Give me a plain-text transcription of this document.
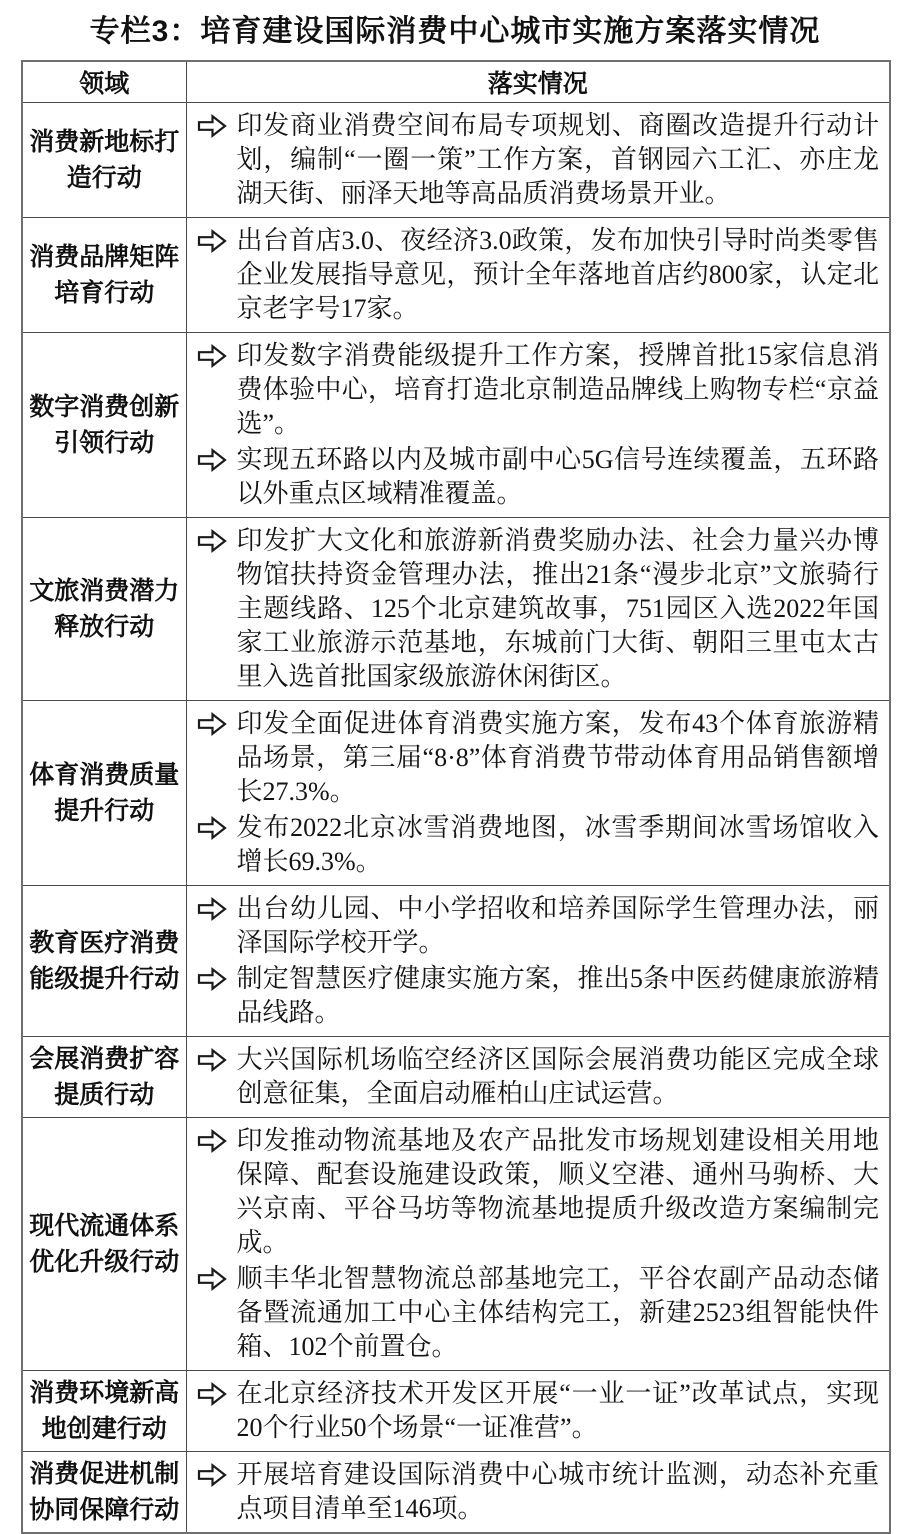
专栏3：培育建设国际消费中心城市实施方案落实情况
领域	落实情况
消费新地标打造行动	印发商业消费空间布局专项规划、商圈改造提升行动计划，编制“一圈一策”工作方案，首钢园六工汇、亦庄龙湖天街、丽泽天地等高品质消费场景开业。

消费品牌矩阵培育行动	出台首店3.0、夜经济3.0政策，发布加快引导时尚类零售企业发展指导意见，预计全年落地首店约800家，认定北京老字号17家。

数字消费创新引领行动	印发数字消费能级提升工作方案，授牌首批15家信息消费体验中心，培育打造北京制造品牌线上购物专栏“京益选”。
实现五环路以内及城市副中心5G信号连续覆盖，五环路以外重点区域精准覆盖。

文旅消费潜力释放行动	印发扩大文化和旅游新消费奖励办法、社会力量兴办博物馆扶持资金管理办法，推出21条“漫步北京”文旅骑行主题线路、125个北京建筑故事，751园区入选2022年国家工业旅游示范基地，东城前门大街、朝阳三里屯太古里入选首批国家级旅游休闲街区。

体育消费质量提升行动	印发全面促进体育消费实施方案，发布43个体育旅游精品场景，第三届“8·8”体育消费节带动体育用品销售额增长27.3%。
发布2022北京冰雪消费地图，冰雪季期间冰雪场馆收入增长69.3%。

教育医疗消费能级提升行动	出台幼儿园、中小学招收和培养国际学生管理办法，丽泽国际学校开学。
制定智慧医疗健康实施方案，推出5条中医药健康旅游精品线路。

会展消费扩容提质行动	大兴国际机场临空经济区国际会展消费功能区完成全球创意征集，全面启动雁柏山庄试运营。

现代流通体系优化升级行动	印发推动物流基地及农产品批发市场规划建设相关用地保障、配套设施建设政策，顺义空港、通州马驹桥、大兴京南、平谷马坊等物流基地提质升级改造方案编制完成。
顺丰华北智慧物流总部基地完工，平谷农副产品动态储备暨流通加工中心主体结构完工，新建2523组智能快件箱、102个前置仓。

消费环境新高地创建行动	在北京经济技术开发区开展“一业一证”改革试点，实现20个行业50个场景“一证准营”。

消费促进机制协同保障行动	开展培育建设国际消费中心城市统计监测，动态补充重点项目清单至146项。
